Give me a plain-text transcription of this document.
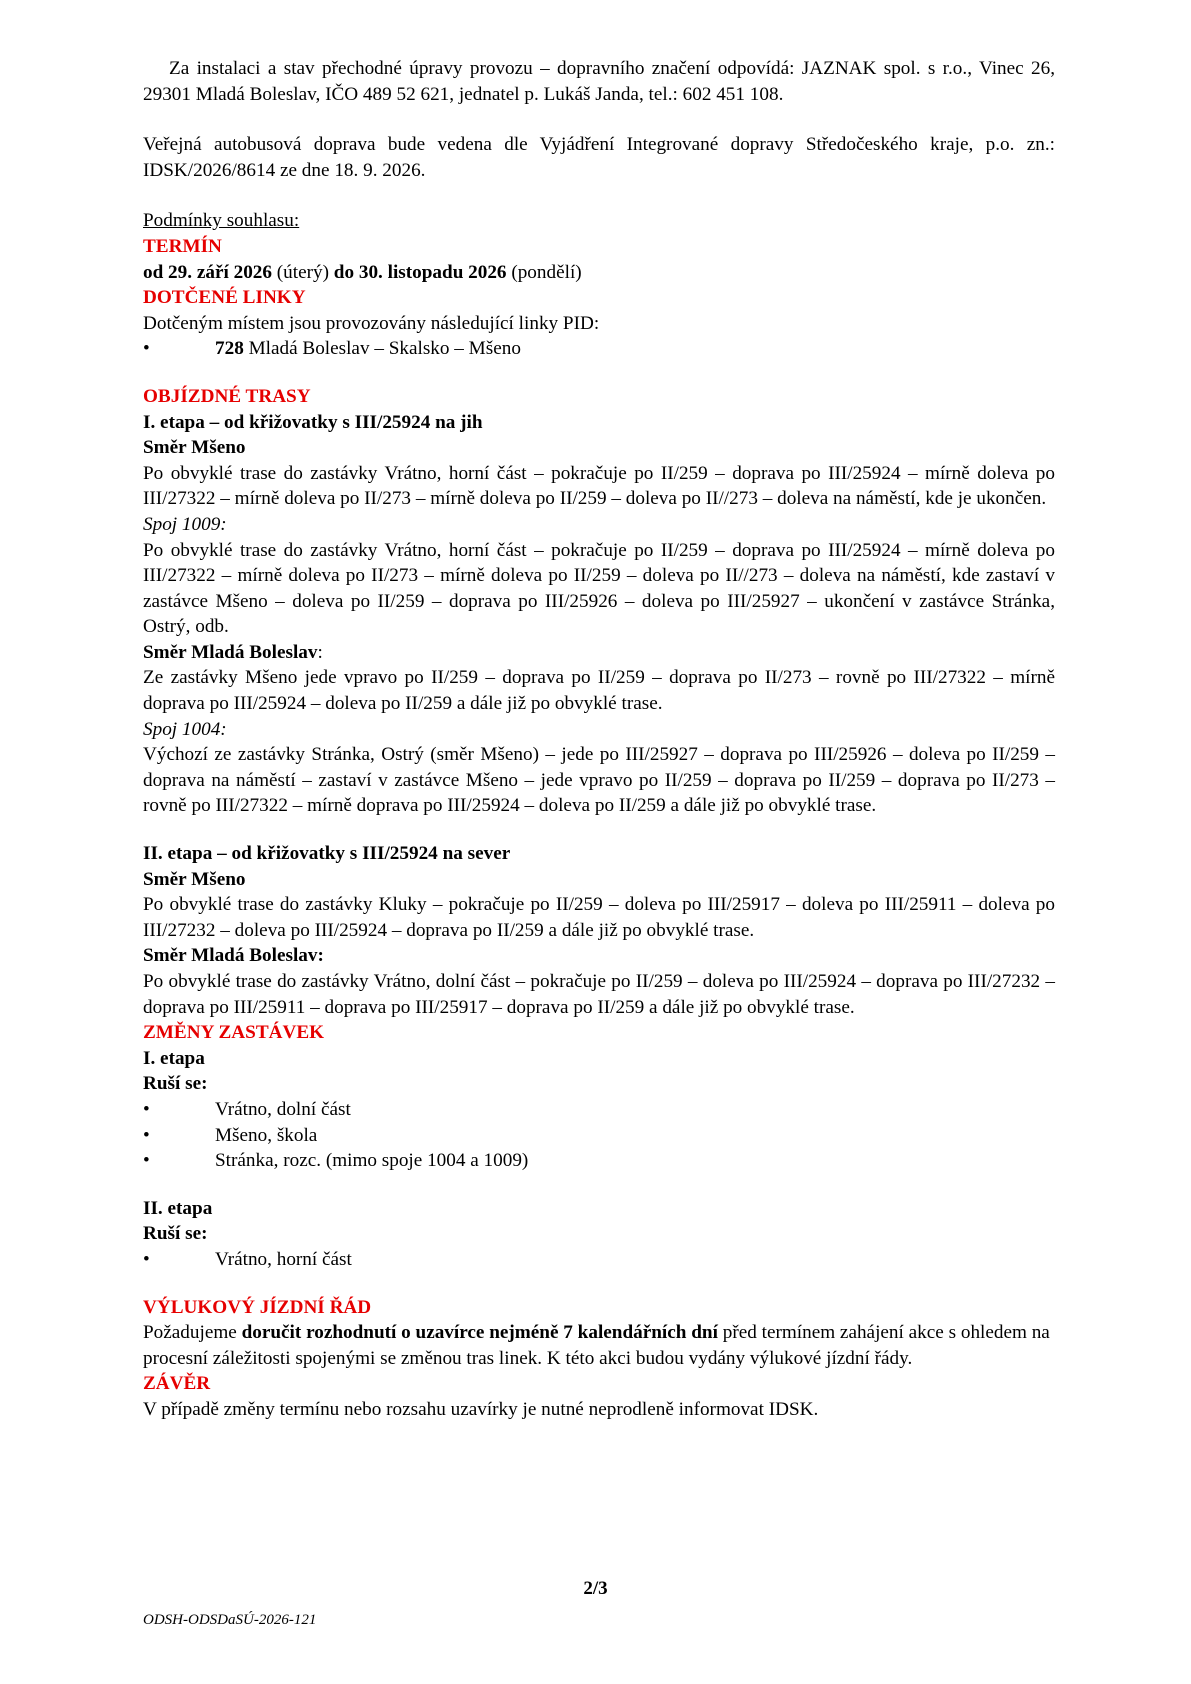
Za instalaci a stav přechodné úpravy provozu – dopravního značení odpovídá: JAZNAK spol. s r.o., Vinec 26, 29301 Mladá Boleslav, IČO 489 52 621, jednatel p. Lukáš Janda, tel.: 602 451 108.

Veřejná autobusová doprava bude vedena dle Vyjádření Integrované dopravy Středočeského kraje, p.o. zn.: IDSK/2026/8614 ze dne 18. 9. 2026.

Podmínky souhlasu:

TERMÍN

od 29. září 2026 (úterý) do 30. listopadu 2026 (pondělí)

DOTČENÉ LINKY

Dotčeným místem jsou provozovány následující linky PID:

•	728 Mladá Boleslav – Skalsko – Mšeno

OBJÍZDNÉ TRASY

I. etapa – od křižovatky s III/25924 na jih

Směr Mšeno

Po obvyklé trase do zastávky Vrátno, horní část – pokračuje po II/259 – doprava po III/25924 – mírně doleva po III/27322 – mírně doleva po II/273 – mírně doleva po II/259 – doleva po II//273 – doleva na náměstí, kde je ukončen.

Spoj 1009:

Po obvyklé trase do zastávky Vrátno, horní část – pokračuje po II/259 – doprava po III/25924 – mírně doleva po III/27322 – mírně doleva po II/273 – mírně doleva po II/259 – doleva po II//273 – doleva na náměstí, kde zastaví v zastávce Mšeno – doleva po II/259 – doprava po III/25926 – doleva po III/25927 – ukončení v zastávce Stránka, Ostrý, odb.

Směr Mladá Boleslav:

Ze zastávky Mšeno jede vpravo po II/259 – doprava po II/259 – doprava po II/273 – rovně po III/27322 – mírně doprava po III/25924 – doleva po II/259 a dále již po obvyklé trase.

Spoj 1004:

Výchozí ze zastávky Stránka, Ostrý (směr Mšeno) – jede po III/25927 – doprava po III/25926 – doleva po II/259 – doprava na náměstí – zastaví v zastávce Mšeno – jede vpravo po II/259 – doprava po II/259 – doprava po II/273 – rovně po III/27322 – mírně doprava po III/25924 – doleva po II/259 a dále již po obvyklé trase.

II. etapa – od křižovatky s III/25924 na sever

Směr Mšeno

Po obvyklé trase do zastávky Kluky – pokračuje po II/259 – doleva po III/25917 – doleva po III/25911 – doleva po III/27232 – doleva po III/25924 – doprava po II/259 a dále již po obvyklé trase.

Směr Mladá Boleslav:

Po obvyklé trase do zastávky Vrátno, dolní část – pokračuje po II/259 – doleva po III/25924 – doprava po III/27232 – doprava po III/25911 – doprava po III/25917 – doprava po II/259 a dále již po obvyklé trase.

ZMĚNY ZASTÁVEK

I. etapa

Ruší se:

•	Vrátno, dolní část

•	Mšeno, škola

•	Stránka, rozc. (mimo spoje 1004 a 1009)

II. etapa

Ruší se:

•	Vrátno, horní část

VÝLUKOVÝ JÍZDNÍ ŘÁD

Požadujeme doručit rozhodnutí o uzavírce nejméně 7 kalendářních dní před termínem zahájení akce s ohledem na procesní záležitosti spojenými se změnou tras linek. K této akci budou vydány výlukové jízdní řády.

ZÁVĚR

V případě změny termínu nebo rozsahu uzavírky je nutné neprodleně informovat IDSK.

2/3
ODSH-ODSDaSÚ-2026-121
